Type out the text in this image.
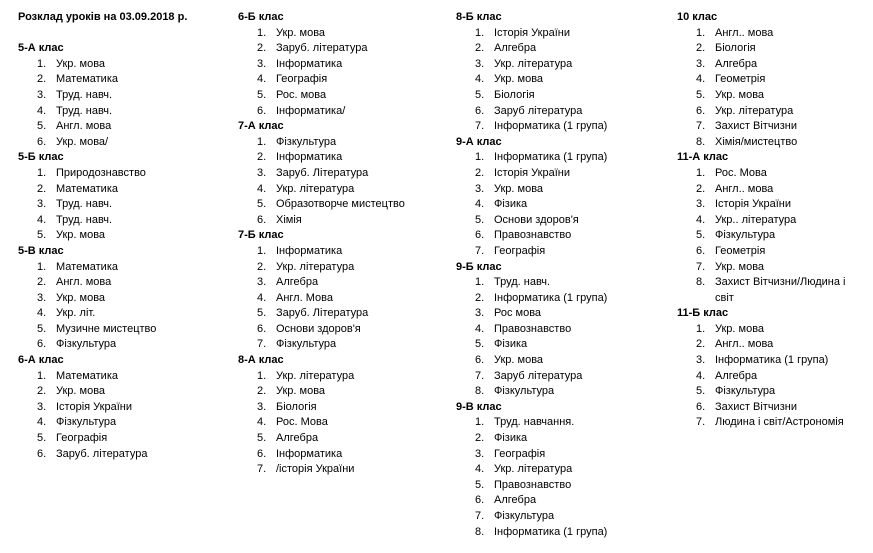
Розклад уроків на 03.09.2018 р.
5-А клас
1. Укр. мова
2. Математика
3. Труд. навч.
4. Труд. навч.
5. Англ. мова
6. Укр. мова/
5-Б клас
1. Природознавство
2. Математика
3. Труд. навч.
4. Труд. навч.
5. Укр. мова
5-В клас
1. Математика
2. Англ. мова
3. Укр. мова
4. Укр. літ.
5. Музичне мистецтво
6. Фізкультура
6-А клас
1. Математика
2. Укр. мова
3. Історія України
4. Фізкультура
5. Географія
6. Заруб. література
6-Б клас
1. Укр. мова
2. Заруб. література
3. Інформатика
4. Географія
5. Рос. мова
6. Інформатика/
7-А клас
1. Фізкультура
2. Інформатика
3. Заруб. Література
4. Укр. література
5. Образотворче мистецтво
6. Хімія
7-Б клас
1. Інформатика
2. Укр. література
3. Алгебра
4. Англ. Мова
5. Заруб. Література
6. Основи здоров'я
7. Фізкультура
8-А клас
1. Укр. література
2. Укр. мова
3. Біологія
4. Рос. Мова
5. Алгебра
6. Інформатика
7. /історія України
8-Б клас
1. Історія України
2. Алгебра
3. Укр. література
4. Укр. мова
5. Біологія
6. Заруб література
7. Інформатика (1 група)
9-А клас
1. Інформатика (1 група)
2. Історія України
3. Укр. мова
4. Фізика
5. Основи здоров'я
6. Правознавство
7. Географія
9-Б клас
1. Труд. навч.
2. Інформатика (1 група)
3. Рос мова
4. Правознавство
5. Фізика
6. Укр. мова
7. Заруб література
8. Фізкультура
9-В клас
1. Труд. навчання.
2. Фізика
3. Географія
4. Укр. література
5. Правознавство
6. Алгебра
7. Фізкультура
8. Інформатика (1 група)
10 клас
1. Англ.. мова
2. Біологія
3. Алгебра
4. Геометрія
5. Укр. мова
6. Укр. література
7. Захист Вітчизни
8. Хімія/мистецтво
11-А клас
1. Рос. Мова
2. Англ.. мова
3. Історія України
4. Укр.. література
5. Фізкультура
6. Геометрія
7. Укр. мова
8. Захист Вітчизни/Людина і світ
11-Б клас
1. Укр. мова
2. Англ.. мова
3. Інформатика (1 група)
4. Алгебра
5. Фізкультура
6. Захист Вітчизни
7. Людина і світ/Астрономія
